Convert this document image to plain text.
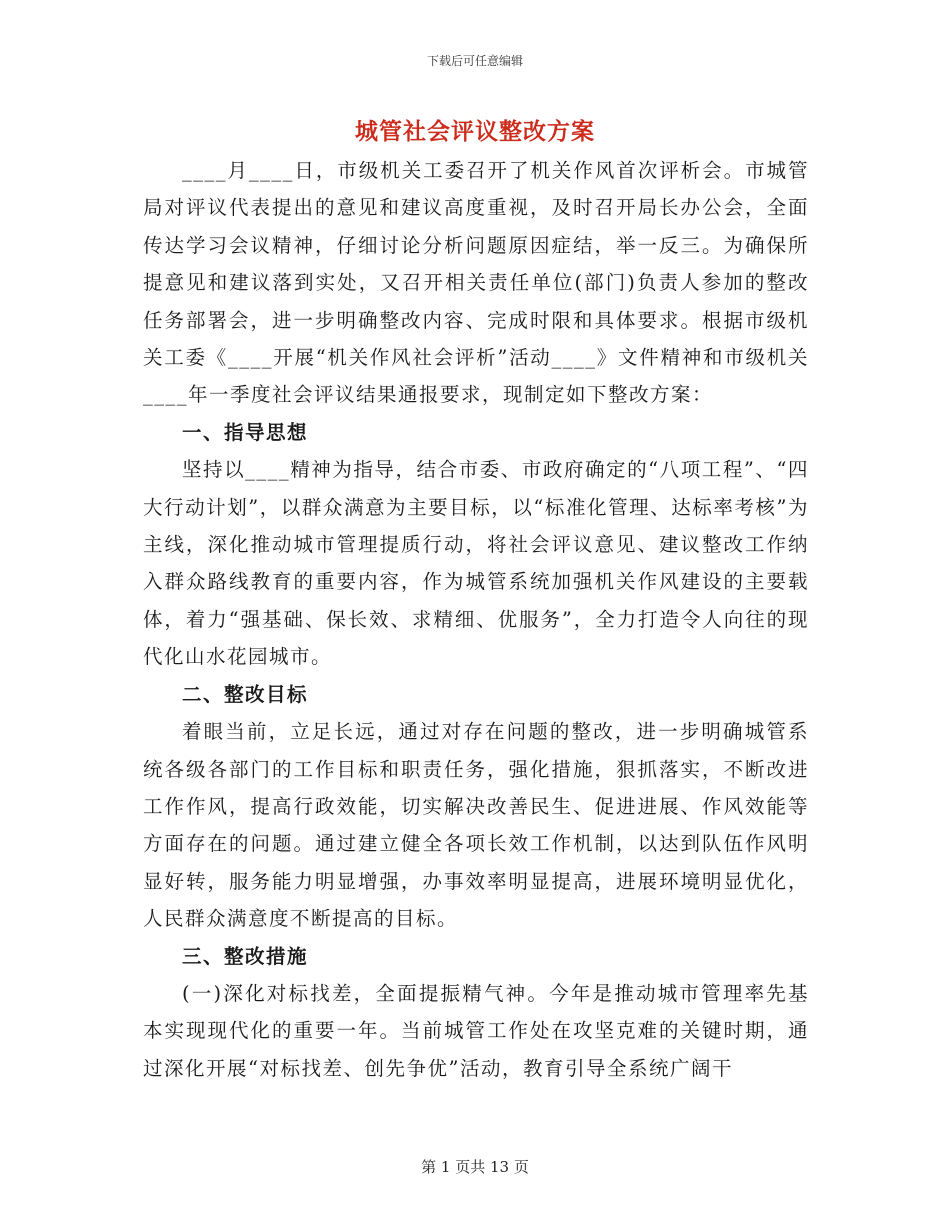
下载后可任意编辑
城管社会评议整改方案

____月____日，市级机关工委召开了机关作风首次评析会。市城管局对评议代表提出的意见和建议高度重视，及时召开局长办公会，全面传达学习会议精神，仔细讨论分析问题原因症结，举一反三。为确保所提意见和建议落到实处，又召开相关责任单位(部门)负责人参加的整改任务部署会，进一步明确整改内容、完成时限和具体要求。根据市级机关工委《____开展“机关作风社会评析”活动____》文件精神和市级机关____年一季度社会评议结果通报要求，现制定如下整改方案：

一、指导思想

坚持以____精神为指导，结合市委、市政府确定的“八项工程”、“四大行动计划”，以群众满意为主要目标，以“标准化管理、达标率考核”为主线，深化推动城市管理提质行动，将社会评议意见、建议整改工作纳入群众路线教育的重要内容，作为城管系统加强机关作风建设的主要载体，着力“强基础、保长效、求精细、优服务”，全力打造令人向往的现代化山水花园城市。

二、整改目标

着眼当前，立足长远，通过对存在问题的整改，进一步明确城管系统各级各部门的工作目标和职责任务，强化措施，狠抓落实，不断改进工作作风，提高行政效能，切实解决改善民生、促进进展、作风效能等方面存在的问题。通过建立健全各项长效工作机制，以达到队伍作风明显好转，服务能力明显增强，办事效率明显提高，进展环境明显优化，人民群众满意度不断提高的目标。

三、整改措施

(一)深化对标找差，全面提振精气神。今年是推动城市管理率先基本实现现代化的重要一年。当前城管工作处在攻坚克难的关键时期，通过深化开展“对标找差、创先争优”活动，教育引导全系统广阔干

第 1 页共 13 页
